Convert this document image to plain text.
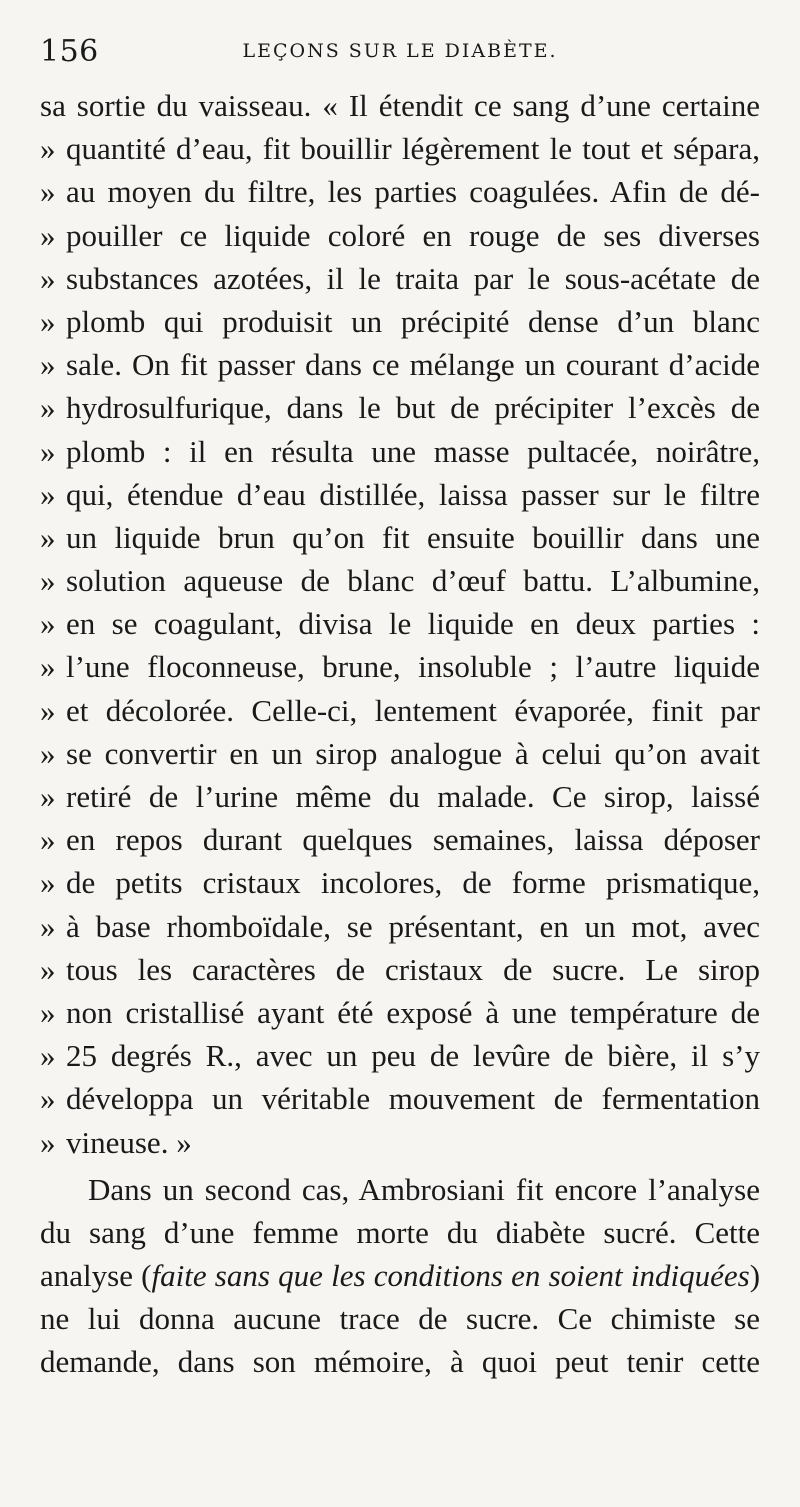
156	LEÇONS SUR LE DIABÈTE.
sa sortie du vaisseau. « Il étendit ce sang d’une certaine
» quantité d’eau, fit bouillir légèrement le tout et sépara,
» au moyen du filtre, les parties coagulées. Afin de dé-
» pouiller ce liquide coloré en rouge de ses diverses
» substances azotées, il le traita par le sous-acétate de
» plomb qui produisit un précipité dense d’un blanc
» sale. On fit passer dans ce mélange un courant d’acide
» hydrosulfurique, dans le but de précipiter l’excès de
» plomb : il en résulta une masse pultacée, noirâtre,
» qui, étendue d’eau distillée, laissa passer sur le filtre
» un liquide brun qu’on fit ensuite bouillir dans une
» solution aqueuse de blanc d’œuf battu. L’albumine,
» en se coagulant, divisa le liquide en deux parties :
» l’une floconneuse, brune, insoluble ; l’autre liquide
» et décolorée. Celle-ci, lentement évaporée, finit par
» se convertir en un sirop analogue à celui qu’on avait
» retiré de l’urine même du malade. Ce sirop, laissé
» en repos durant quelques semaines, laissa déposer
» de petits cristaux incolores, de forme prismatique,
» à base rhomboïdale, se présentant, en un mot, avec
» tous les caractères de cristaux de sucre. Le sirop
» non cristallisé ayant été exposé à une température de
» 25 degrés R., avec un peu de levûre de bière, il s’y
» développa un véritable mouvement de fermentation
» vineuse. »
Dans un second cas, Ambrosiani fit encore l’analyse
du sang d’une femme morte du diabète sucré. Cette
analyse (faite sans que les conditions en soient indiquées)
ne lui donna aucune trace de sucre. Ce chimiste se
demande, dans son mémoire, à quoi peut tenir cette
